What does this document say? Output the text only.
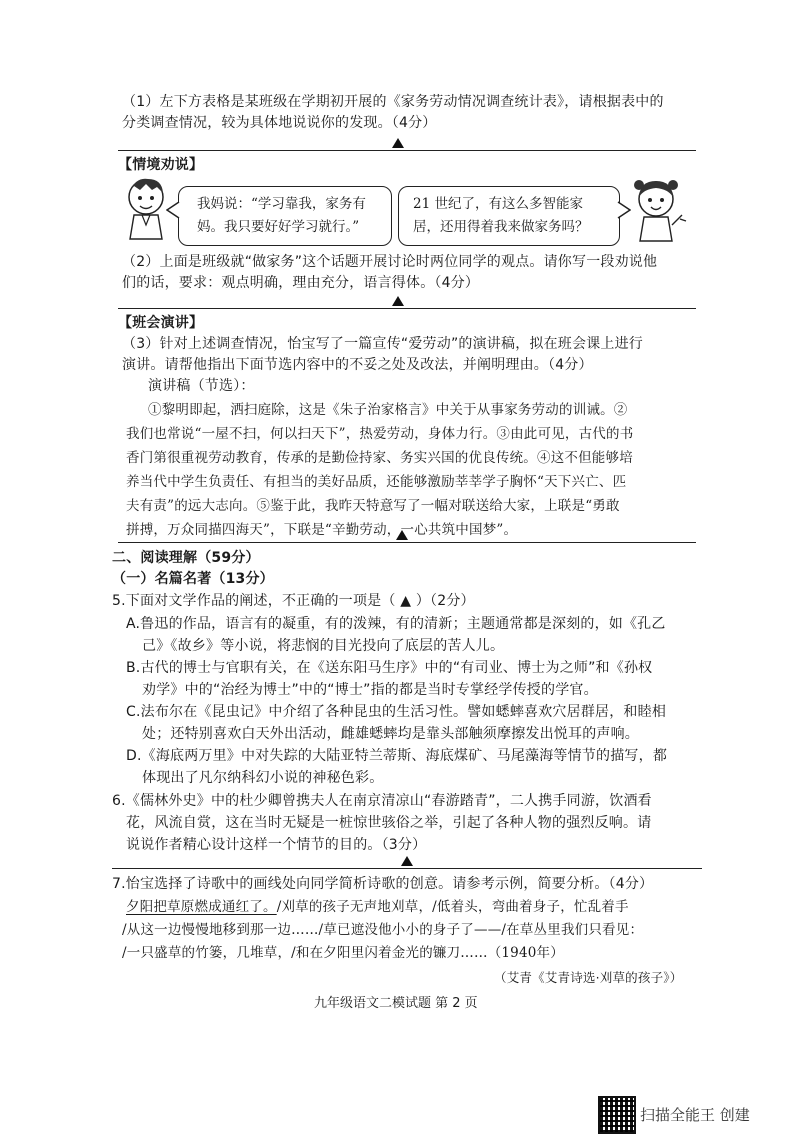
（1）左下方表格是某班级在学期初开展的《家务劳动情况调查统计表》，请根据表中的
分类调查情况，较为具体地说说你的发现。（4分）
【情境劝说】
我妈说：“学习靠我，家务有
妈。我只要好好学习就行。”
21 世纪了，有这么多智能家
居，还用得着我来做家务吗？
（2）上面是班级就“做家务”这个话题开展讨论时两位同学的观点。请你写一段劝说他
们的话，要求：观点明确，理由充分，语言得体。（4分）
【班会演讲】
（3）针对上述调查情况，怡宝写了一篇宣传“爱劳动”的演讲稿，拟在班会课上进行
演讲。请帮他指出下面节选内容中的不妥之处及改法，并阐明理由。（4分）
演讲稿（节选）：
①黎明即起，洒扫庭除，这是《朱子治家格言》中关于从事家务劳动的训诫。②
我们也常说“一屋不扫，何以扫天下”，热爱劳动，身体力行。③由此可见，古代的书
香门第很重视劳动教育，传承的是勤俭持家、务实兴国的优良传统。④这不但能够培
养当代中学生负责任、有担当的美好品质，还能够激励莘莘学子胸怀“天下兴亡、匹
夫有责”的远大志向。⑤鉴于此，我昨天特意写了一幅对联送给大家，上联是“勇敢
拼搏，万众同描四海天”，下联是“辛勤劳动，一心共筑中国梦”。
二、阅读理解（59分）
（一）名篇名著（13分）
5.下面对文学作品的阐述，不正确的一项是（ ▲ ）（2分）
A.鲁迅的作品，语言有的凝重，有的泼辣，有的清新；主题通常都是深刻的，如《孔乙
己》《故乡》等小说，将悲悯的目光投向了底层的苦人儿。
B.古代的博士与官职有关，在《送东阳马生序》中的“有司业、博士为之师”和《孙权
劝学》中的“治经为博士”中的“博士”指的都是当时专掌经学传授的学官。
C.法布尔在《昆虫记》中介绍了各种昆虫的生活习性。譬如蟋蟀喜欢穴居群居，和睦相
处；还特别喜欢白天外出活动，雌雄蟋蟀均是靠头部触须摩擦发出悦耳的声响。
D.《海底两万里》中对失踪的大陆亚特兰蒂斯、海底煤矿、马尾藻海等情节的描写，都
体现出了凡尔纳科幻小说的神秘色彩。
6.《儒林外史》中的杜少卿曾携夫人在南京清凉山“春游踏青”，二人携手同游，饮酒看
花，风流自赏，这在当时无疑是一桩惊世骇俗之举，引起了各种人物的强烈反响。请
说说作者精心设计这样一个情节的目的。（3分）
7.怡宝选择了诗歌中的画线处向同学简析诗歌的创意。请参考示例，简要分析。（4分）
夕阳把草原燃成通红了。/刈草的孩子无声地刈草，/低着头，弯曲着身子，忙乱着手
/从这一边慢慢地移到那一边……/草已遮没他小小的身子了——/在草丛里我们只看见：
/一只盛草的竹篓，几堆草，/和在夕阳里闪着金光的镰刀……（1940年）
（艾青《艾青诗选·刈草的孩子》）
九年级语文二模试题 第 2 页
扫描全能王 创建
